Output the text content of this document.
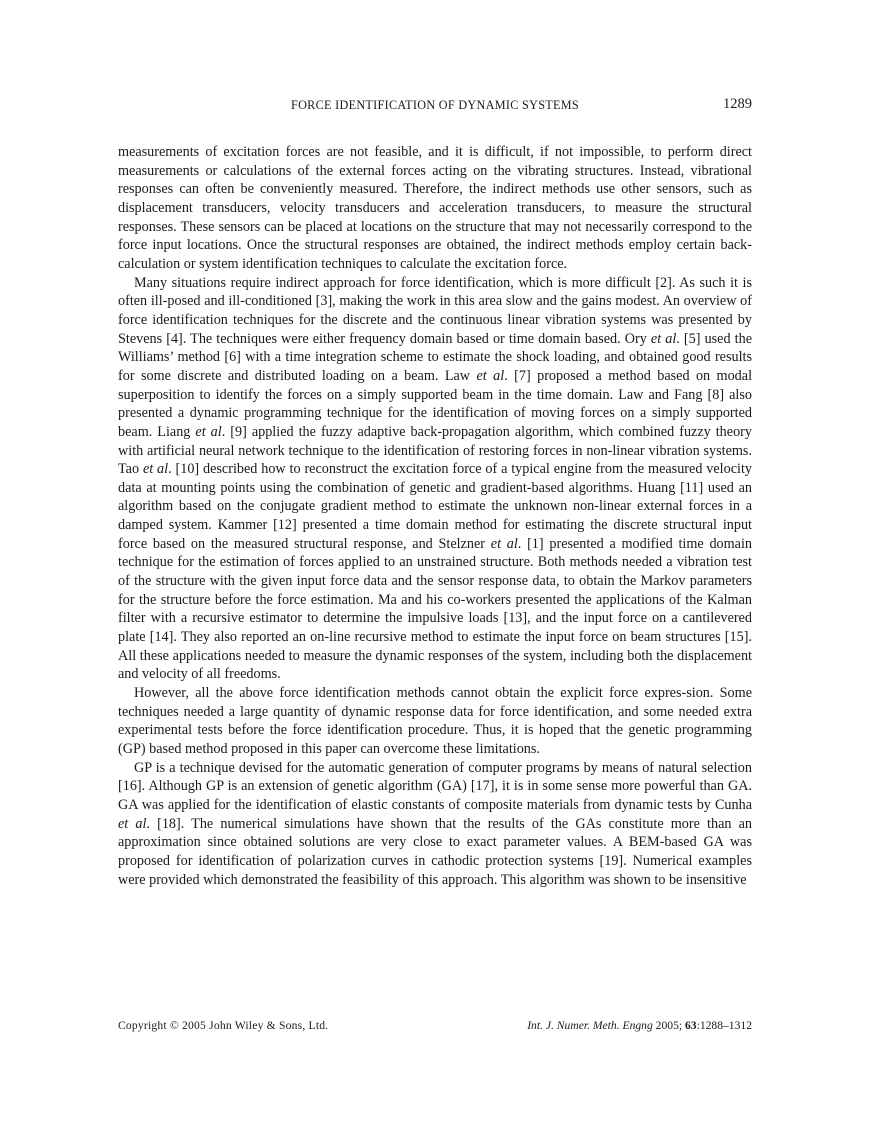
FORCE IDENTIFICATION OF DYNAMIC SYSTEMS	1289

measurements of excitation forces are not feasible, and it is difficult, if not impossible, to perform direct measurements or calculations of the external forces acting on the vibrating structures. Instead, vibrational responses can often be conveniently measured. Therefore, the indirect methods use other sensors, such as displacement transducers, velocity transducers and acceleration transducers, to measure the structural responses. These sensors can be placed at locations on the structure that may not necessarily correspond to the force input locations. Once the structural responses are obtained, the indirect methods employ certain back-calculation or system identification techniques to calculate the excitation force.

Many situations require indirect approach for force identification, which is more difficult [2]. As such it is often ill-posed and ill-conditioned [3], making the work in this area slow and the gains modest. An overview of force identification techniques for the discrete and the continuous linear vibration systems was presented by Stevens [4]. The techniques were either frequency domain based or time domain based. Ory et al. [5] used the Williams’ method [6] with a time integration scheme to estimate the shock loading, and obtained good results for some discrete and distributed loading on a beam. Law et al. [7] proposed a method based on modal superposition to identify the forces on a simply supported beam in the time domain. Law and Fang [8] also presented a dynamic programming technique for the identification of moving forces on a simply supported beam. Liang et al. [9] applied the fuzzy adaptive back-propagation algorithm, which combined fuzzy theory with artificial neural network technique to the identification of restoring forces in non-linear vibration systems. Tao et al. [10] described how to reconstruct the excitation force of a typical engine from the measured velocity data at mounting points using the combination of genetic and gradient-based algorithms. Huang [11] used an algorithm based on the conjugate gradient method to estimate the unknown non-linear external forces in a damped system. Kammer [12] presented a time domain method for estimating the discrete structural input force based on the measured structural response, and Stelzner et al. [1] presented a modified time domain technique for the estimation of forces applied to an unstrained structure. Both methods needed a vibration test of the structure with the given input force data and the sensor response data, to obtain the Markov parameters for the structure before the force estimation. Ma and his co-workers presented the applications of the Kalman filter with a recursive estimator to determine the impulsive loads [13], and the input force on a cantilevered plate [14]. They also reported an on-line recursive method to estimate the input force on beam structures [15]. All these applications needed to measure the dynamic responses of the system, including both the displacement and velocity of all freedoms.

However, all the above force identification methods cannot obtain the explicit force expres-sion. Some techniques needed a large quantity of dynamic response data for force identification, and some needed extra experimental tests before the force identification procedure. Thus, it is hoped that the genetic programming (GP) based method proposed in this paper can overcome these limitations.

GP is a technique devised for the automatic generation of computer programs by means of natural selection [16]. Although GP is an extension of genetic algorithm (GA) [17], it is in some sense more powerful than GA. GA was applied for the identification of elastic constants of composite materials from dynamic tests by Cunha et al. [18]. The numerical simulations have shown that the results of the GAs constitute more than an approximation since obtained solutions are very close to exact parameter values. A BEM-based GA was proposed for identification of polarization curves in cathodic protection systems [19]. Numerical examples were provided which demonstrated the feasibility of this approach. This algorithm was shown to be insensitive

Copyright © 2005 John Wiley & Sons, Ltd.	Int. J. Numer. Meth. Engng 2005; 63:1288–1312
